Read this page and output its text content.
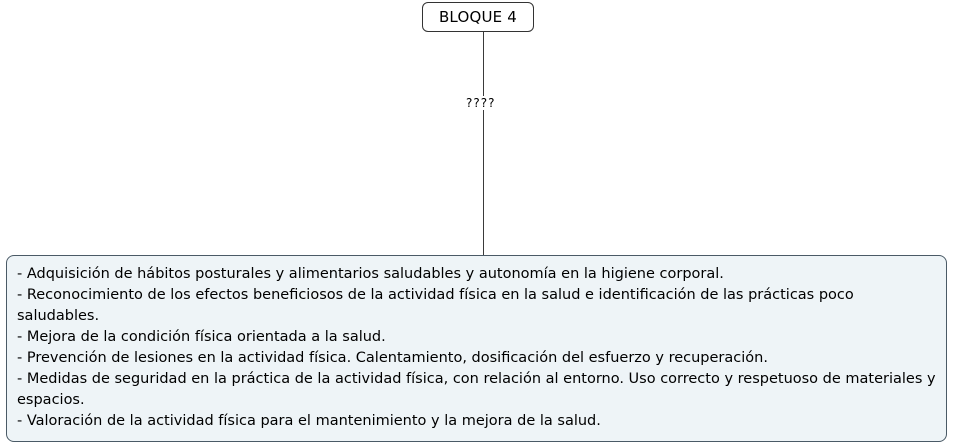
BLOQUE 4
????
- Adquisición de hábitos posturales y alimentarios saludables y autonomía en la higiene corporal.
- Reconocimiento de los efectos beneficiosos de la actividad física en la salud e identificación de las prácticas poco saludables.
- Mejora de la condición física orientada a la salud.
- Prevención de lesiones en la actividad física. Calentamiento, dosificación del esfuerzo y recuperación.
- Medidas de seguridad en la práctica de la actividad física, con relación al entorno. Uso correcto y respetuoso de materiales y espacios.
- Valoración de la actividad física para el mantenimiento y la mejora de la salud.
